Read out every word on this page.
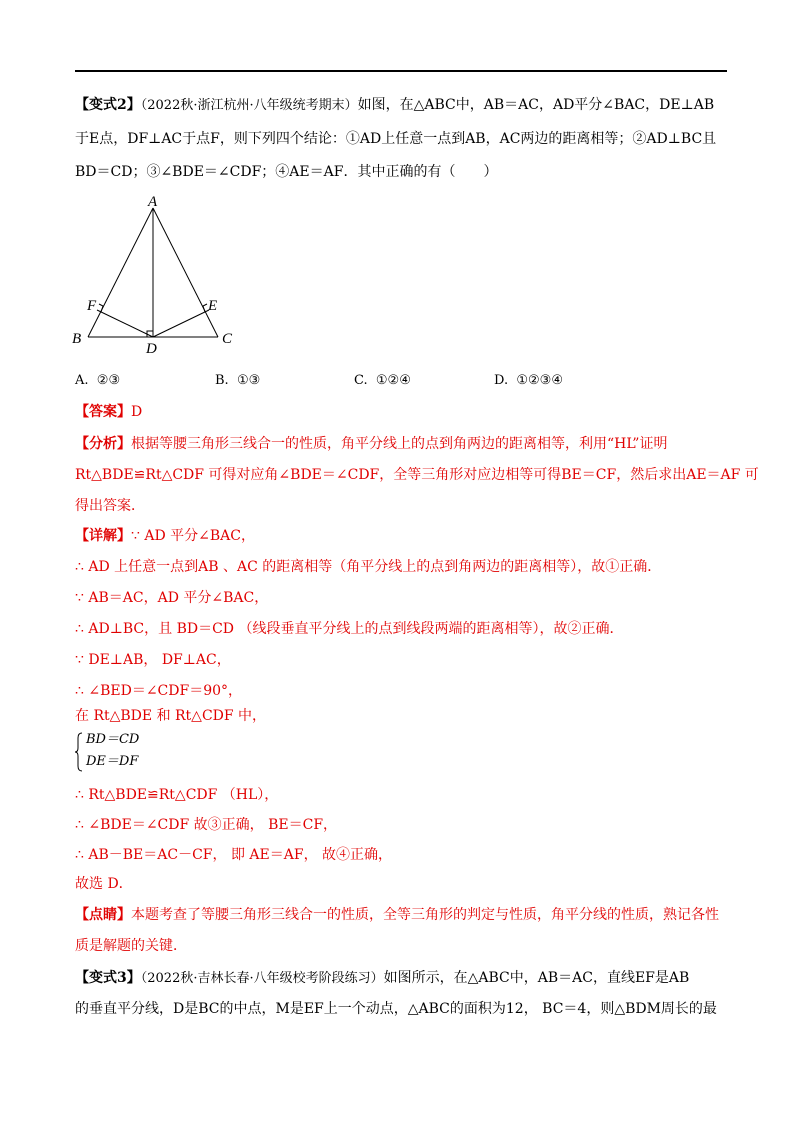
【变式2】（2022秋·浙江杭州·八年级统考期末）如图，在△ABC中，AB＝AC，AD平分∠BAC，DE⊥AB
于E点，DF⊥AC于点F，则下列四个结论：①AD上任意一点到AB，AC两边的距离相等；②AD⊥BC且
BD＝CD；③∠BDE＝∠CDF；④AE＝AF．其中正确的有（　　）
A
B	C
D
E
F
A. ②③	B. ①③	C. ①②④	D. ①②③④
【答案】D
【分析】根据等腰三角形三线合一的性质，角平分线上的点到角两边的距离相等，利用“HL”证明
Rt△BDE≌Rt△CDF 可得对应角∠BDE＝∠CDF，全等三角形对应边相等可得BE＝CF，然后求出AE＝AF 可
得出答案．
【详解】∵ AD 平分∠BAC，
∴ AD 上任意一点到AB 、AC 的距离相等（角平分线上的点到角两边的距离相等），故①正确．
∵ AB＝AC，AD 平分∠BAC，
∴ AD⊥BC，且 BD＝CD （线段垂直平分线上的点到线段两端的距离相等），故②正确．
∵ DE⊥AB， DF⊥AC，
∴ ∠BED＝∠CDF＝90°，
在 Rt△BDE 和 Rt△CDF 中，
BD＝CD
DE＝DF
∴ Rt△BDE≌Rt△CDF （HL），
∴ ∠BDE＝∠CDF 故③正确， BE＝CF，
∴ AB－BE＝AC－CF， 即 AE＝AF， 故④正确，
故选 D．
【点睛】本题考查了等腰三角形三线合一的性质，全等三角形的判定与性质，角平分线的性质，熟记各性
质是解题的关键．
【变式3】（2022秋·吉林长春·八年级校考阶段练习）如图所示，在△ABC中，AB＝AC，直线EF是AB
的垂直平分线，D是BC的中点，M是EF上一个动点，△ABC的面积为12， BC＝4，则△BDM周长的最
